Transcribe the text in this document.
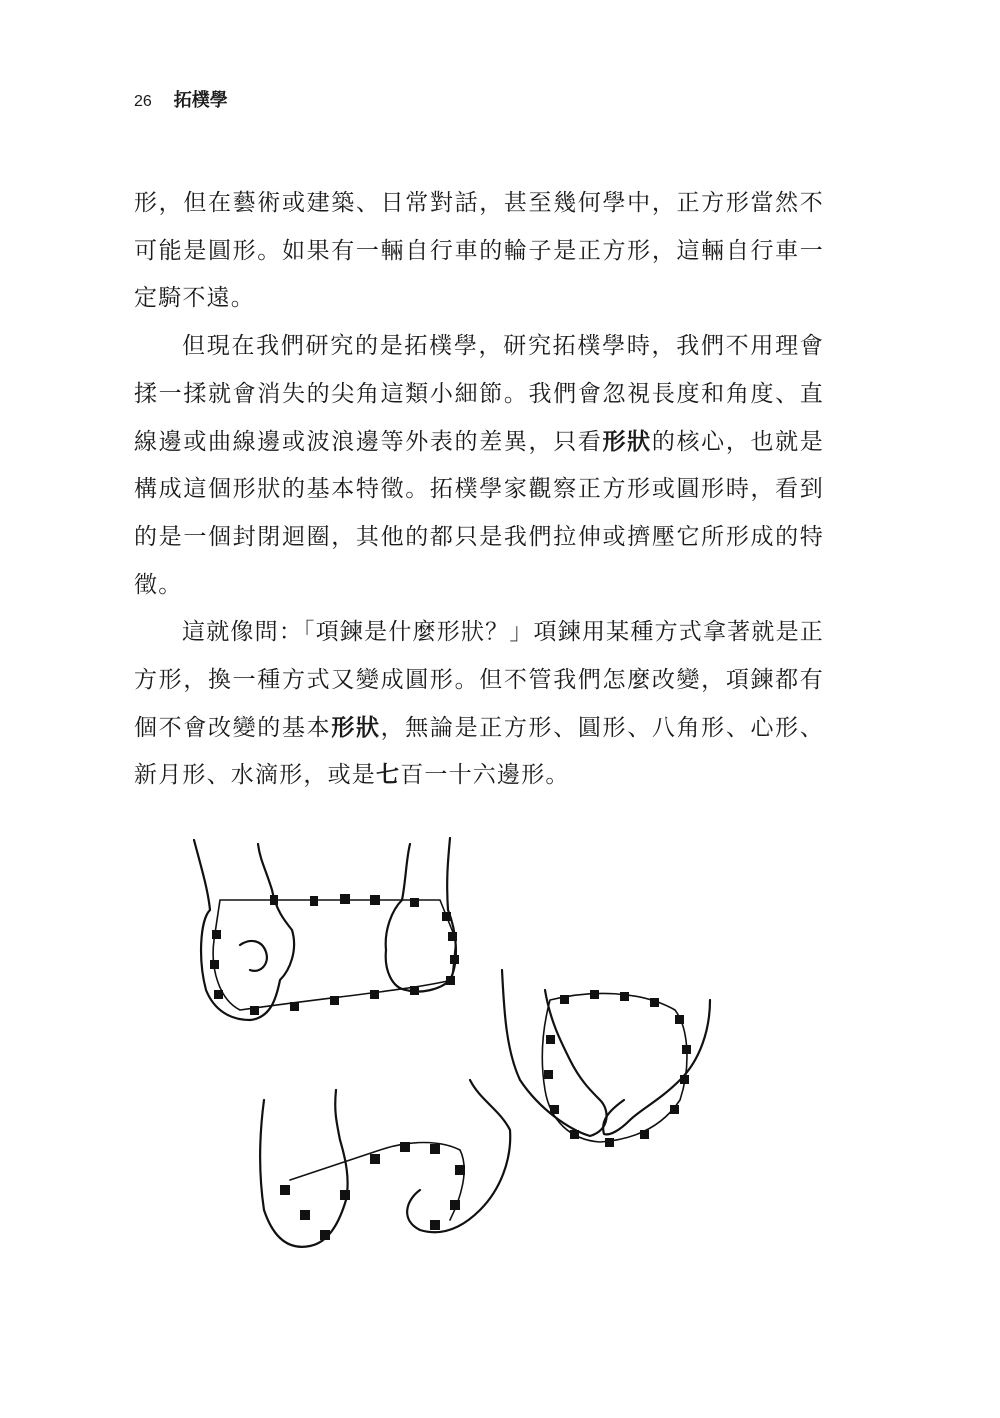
26 拓樸學

形，但在藝術或建築、日常對話，甚至幾何學中，正方形當然不可能是圓形。如果有一輛自行車的輪子是正方形，這輛自行車一定騎不遠。

但現在我們研究的是拓樸學，研究拓樸學時，我們不用理會揉一揉就會消失的尖角這類小細節。我們會忽視長度和角度、直線邊或曲線邊或波浪邊等外表的差異，只看形狀的核心，也就是構成這個形狀的基本特徵。拓樸學家觀察正方形或圓形時，看到的是一個封閉迴圈，其他的都只是我們拉伸或擠壓它所形成的特徵。

這就像問：「項鍊是什麼形狀？」項鍊用某種方式拿著就是正方形，換一種方式又變成圓形。但不管我們怎麼改變，項鍊都有個不會改變的基本形狀，無論是正方形、圓形、八角形、心形、新月形、水滴形，或是七百一十六邊形。
